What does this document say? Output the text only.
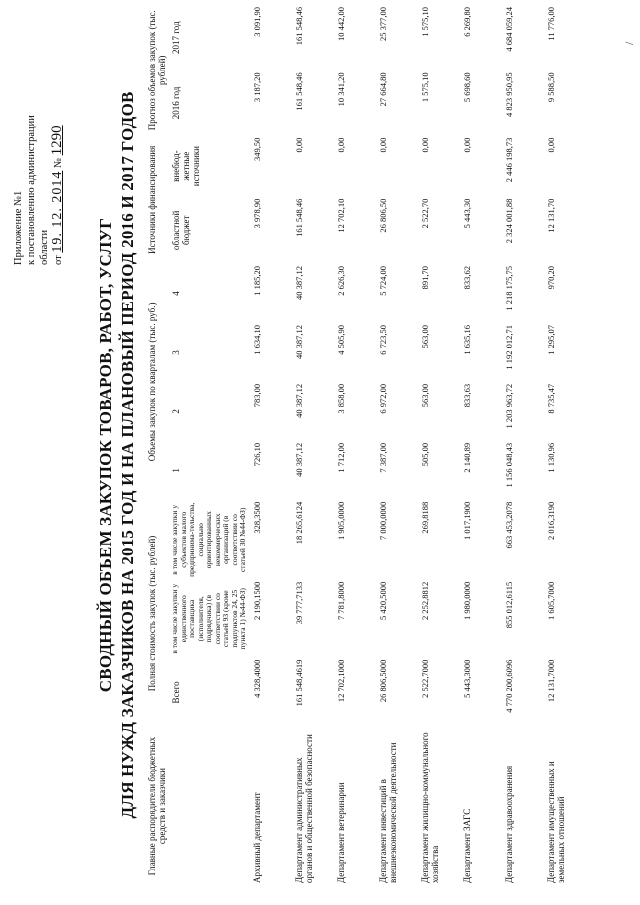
Приложение №1 к постановлению администрации области от 19. 12. 2014 № 1290
СВОДНЫЙ ОБЪЕМ ЗАКУПОК ТОВАРОВ, РАБОТ, УСЛУГ ДЛЯ НУЖД ЗАКАЗЧИКОВ НА 2015 ГОД И НА ПЛАНОВЫЙ ПЕРИОД 2016 И 2017 ГОДОВ Главные распорядители бюджетных средств и заказчики	Полная стоимость закупок (тыс. рублей)			Объемы закупок по кварталам (тыс. руб.)				Источники финансирования		Прогноз объемов закупок (тыс. рублей)	
	Всего	в том числе закупки у единственного поставщика (исполнителя, подрядчика) (в соответствии со статьей 93 (кроме подпунктов 24, 25 пункта 1) №44-ФЗ)	в том числе закупки у субъектов малого предпринима-тельства, социально ориентированных некоммерческих организаций (в соответствии со статьей 30 №44-ФЗ)	1	2	3	4	областной бюджет	внебюд-жетные источники	2016 год	2017 год

Архивный департамент	4 328,4000	2 190,1500	328,3500	726,10	783,00	1 634,10	1 185,20	3 978,90	349,50	3 187,20	3 091,90
Департамент административных органов и общественной безопасности	161 548,4619	39 777,7133	18 265,6124	40 387,12	40 387,12	40 387,12	40 387,12	161 548,46	0,00	161 548,46	161 548,46
Департамент ветеринарии	12 702,1000	7 781,8000	1 905,0000	1 712,00	3 858,00	4 505,90	2 626,30	12 702,10	0,00	10 341,20	10 442,00
Департамент инвестиций в внешнеэкономической деятельности	26 806,5000	5 420,5000	7 000,0000	7 387,00	6 972,00	6 723,50	5 724,00	26 806,50	0,00	27 664,80	25 377,00
Департамент жилищно-коммунального хозяйства	2 522,7000	2 252,8812	269,8188	505,00	563,00	563,00	891,70	2 522,70	0,00	1 575,10	1 575,10
Департамент ЗАГС	5 443,3000	1 980,0000	1 017,1900	2 140,89	833,63	1 635,16	833,62	5 443,30	0,00	5 698,60	6 269,80
Департамент здравоохранения	4 770 200,6096	855 012,6115	663 453,2078	1 156 048,43	1 203 963,72	1 192 012,71	1 218 175,75	2 324 001,88	2 446 198,73	4 823 950,95	4 684 059,24
Департамент имущественных и земельных отношений	12 131,7000	1 605,7000	2 016,3190	1 130,96	8 735,47	1 295,07	970,20	12 131,70	0,00	9 588,50	11 776,00
/
